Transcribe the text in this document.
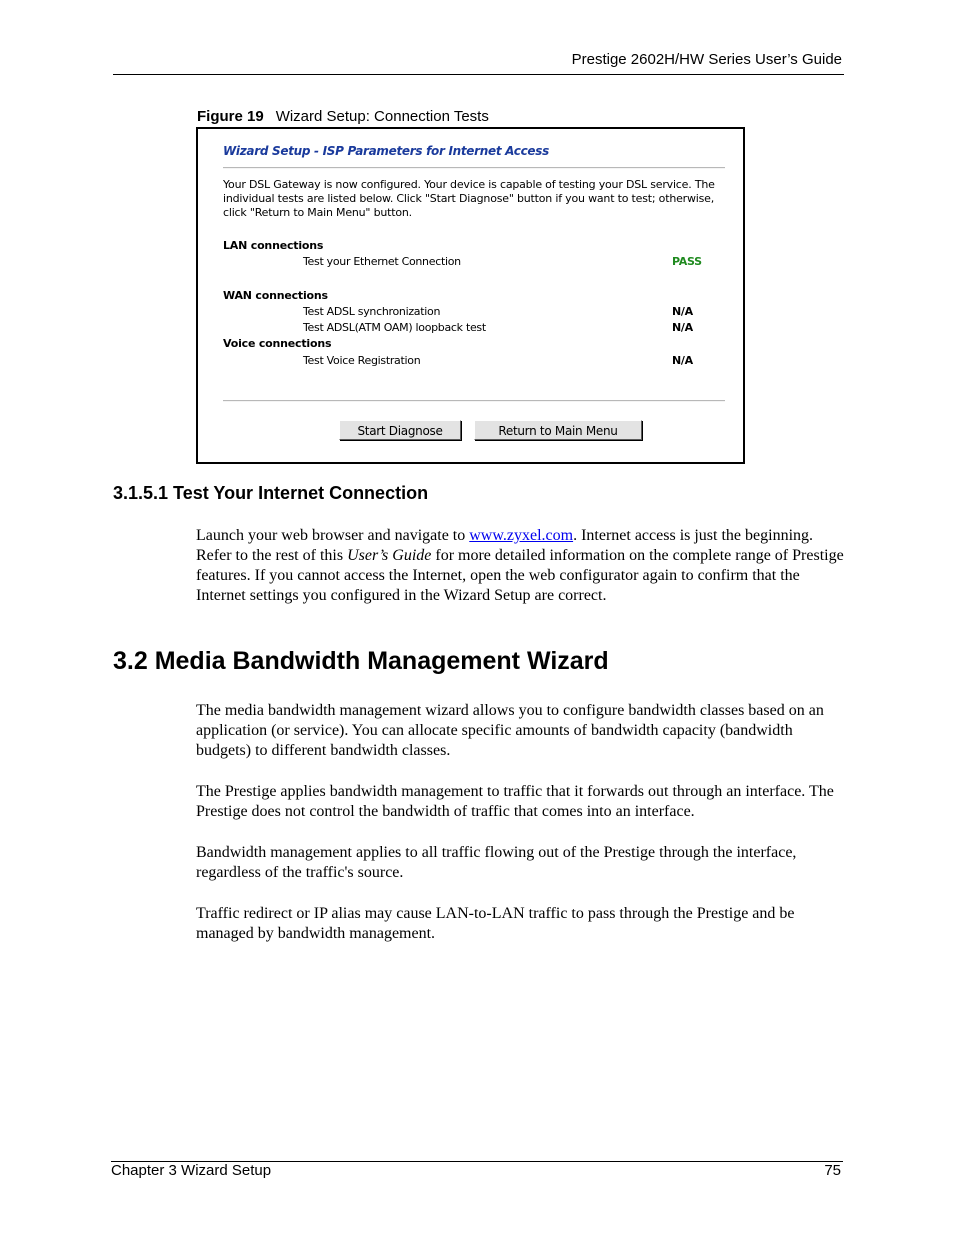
Prestige 2602H/HW Series User’s Guide
Figure 19 Wizard Setup: Connection Tests
Wizard Setup - ISP Parameters for Internet Access
Your DSL Gateway is now configured. Your device is capable of testing your DSL service. The individual tests are listed below. Click "Start Diagnose" button if you want to test; otherwise, click "Return to Main Menu" button.
LAN connections
Test your Ethernet Connection	PASS
WAN connections
Test ADSL synchronization	N/A
Test ADSL(ATM OAM) loopback test	N/A
Voice connections
Test Voice Registration	N/A
Start Diagnose	Return to Main Menu
3.1.5.1 Test Your Internet Connection
Launch your web browser and navigate to www.zyxel.com. Internet access is just the beginning. Refer to the rest of this User’s Guide for more detailed information on the complete range of Prestige features. If you cannot access the Internet, open the web configurator again to confirm that the Internet settings you configured in the Wizard Setup are correct.
3.2 Media Bandwidth Management Wizard
The media bandwidth management wizard allows you to configure bandwidth classes based on an application (or service). You can allocate specific amounts of bandwidth capacity (bandwidth budgets) to different bandwidth classes.
The Prestige applies bandwidth management to traffic that it forwards out through an interface. The Prestige does not control the bandwidth of traffic that comes into an interface.
Bandwidth management applies to all traffic flowing out of the Prestige through the interface, regardless of the traffic's source.
Traffic redirect or IP alias may cause LAN-to-LAN traffic to pass through the Prestige and be managed by bandwidth management.
Chapter 3 Wizard Setup	75
